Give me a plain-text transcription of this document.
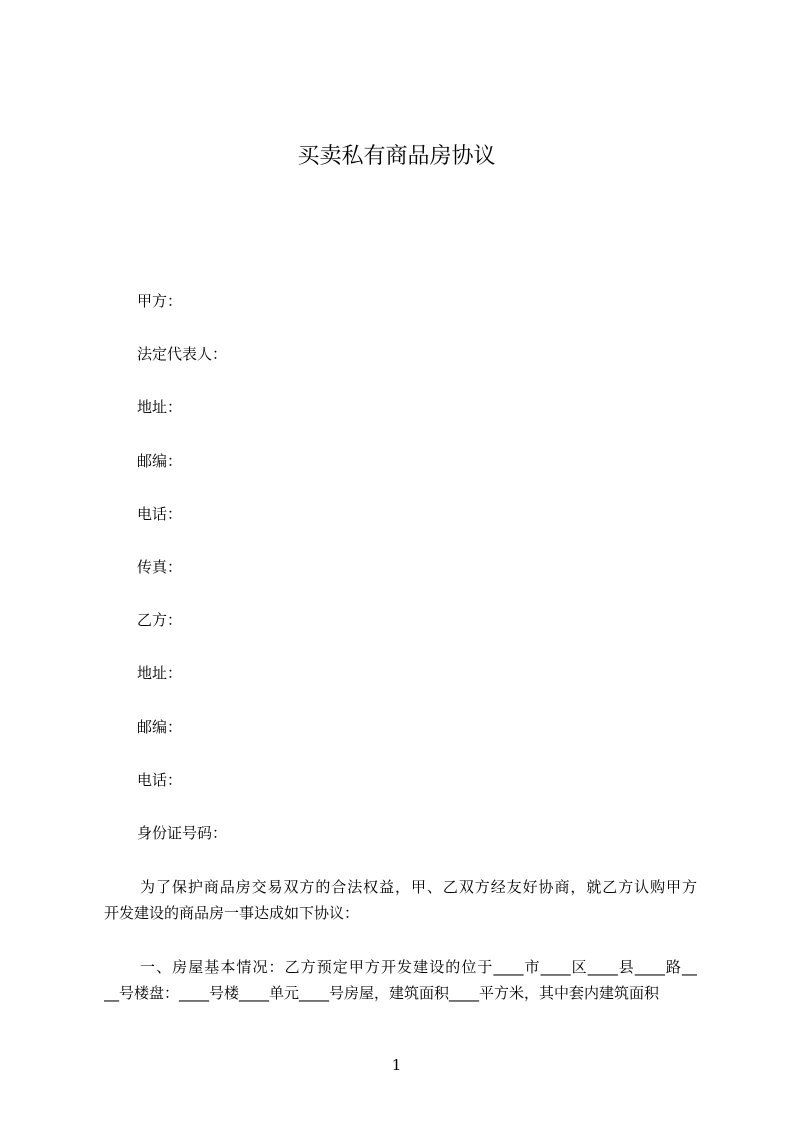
买卖私有商品房协议
甲方：
法定代表人：
地址：
邮编：
电话：
传真：
乙方：
地址：
邮编：
电话：
身份证号码：
为了保护商品房交易双方的合法权益，甲、乙双方经友好协商，就乙方认购甲方
开发建设的商品房一事达成如下协议：
一、房屋基本情况：乙方预定甲方开发建设的位于____市____区____县____路__
__号楼盘：____号楼____单元____号房屋，建筑面积____平方米，其中套内建筑面积
1
